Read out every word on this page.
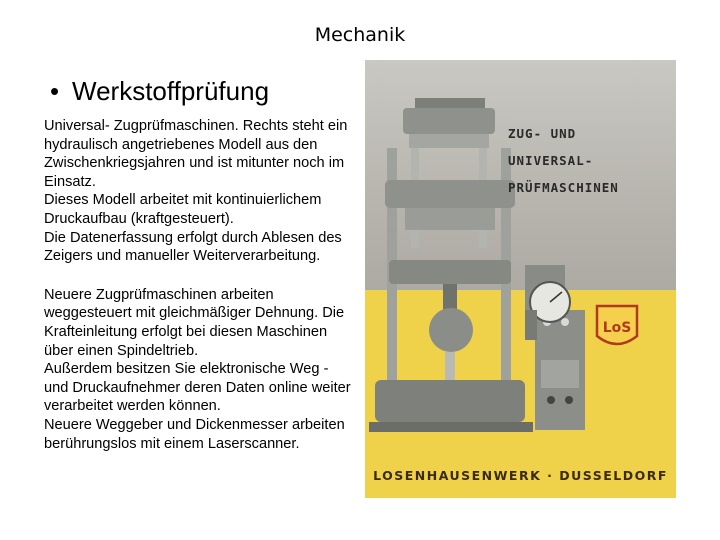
Mechanik
• Werkstoffprüfung

Universal- Zugprüfmaschinen. Rechts steht ein

hydraulisch angetriebenes Modell aus den Zwischenkriegsjahren und ist mitunter noch im Einsatz.

Dieses Modell arbeitet mit kontinuierlichem Druckaufbau (kraftgesteuert).

Die Datenerfassung erfolgt durch Ablesen des Zeigers und manueller Weiterverarbeitung.

Neuere Zugprüfmaschinen arbeiten weggesteuert mit gleichmäßiger Dehnung. Die Krafteinleitung erfolgt bei diesen Maschinen über einen Spindeltrieb.

Außerdem besitzen Sie elektronische Weg - und Druckaufnehmer deren Daten online weiter verarbeitet werden können.

Neuere Weggeber und Dickenmesser arbeiten berührungslos mit einem Laserscanner.

ZUG- UND
UNIVERSAL-
PRÜFMASCHINEN
LoS
LOSENHAUSENWERK · DUSSELDORF
